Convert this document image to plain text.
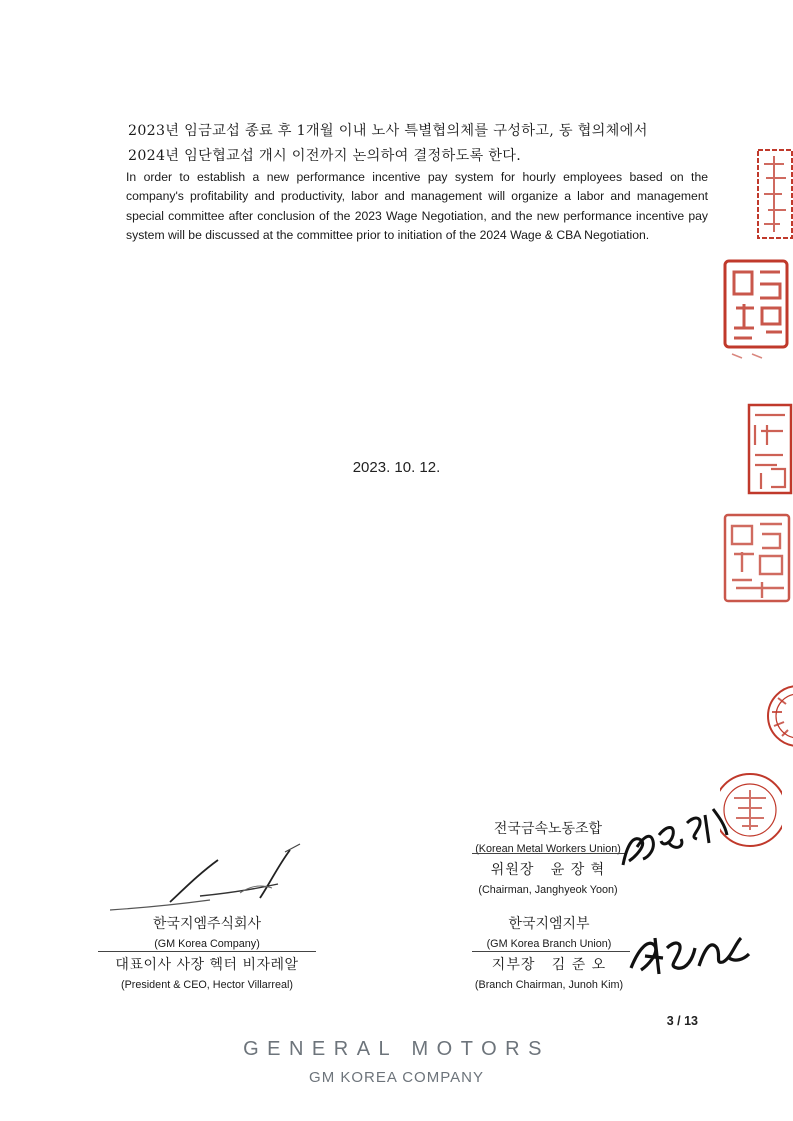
2023년 임금교섭 종료 후 1개월 이내 노사 특별협의체를 구성하고, 동 협의체에서
2024년 임단협교섭 개시 이전까지 논의하여 결정하도록 한다.
In order to establish a new performance incentive pay system for hourly employees based on the company's profitability and productivity, labor and management will organize a labor and management special committee after conclusion of the 2023 Wage Negotiation, and the new performance incentive pay system will be discussed at the committee prior to initiation of the 2024 Wage & CBA Negotiation.
2023. 10. 12.
전국금속노동조합
(Korean Metal Workers Union)
위원장   윤 장 혁
(Chairman, Janghyeok Yoon)
한국지엠지부
(GM Korea Branch Union)
지부장   김 준 오
(Branch Chairman, Junoh Kim)
한국지엠주식회사
(GM Korea Company)
대표이사 사장 헥터 비자레알
(President & CEO, Hector Villarreal)
3 / 13
GENERAL MOTORS
GM KOREA COMPANY
